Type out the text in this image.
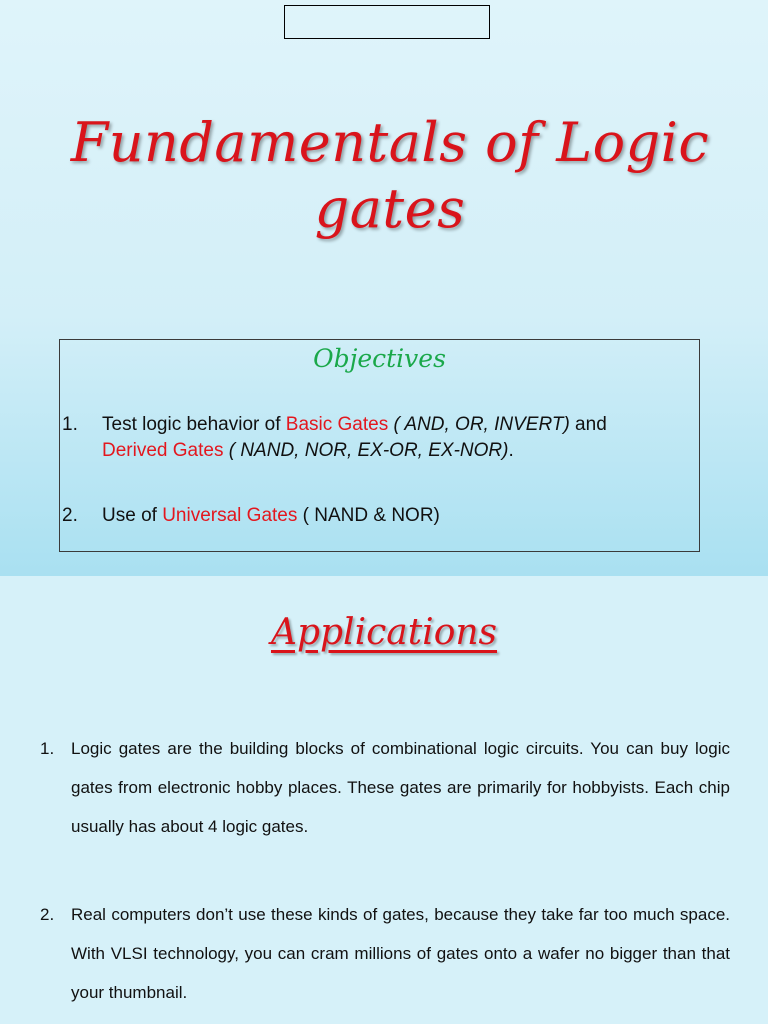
Fundamentals of Logic
gates
Objectives
1.	Test logic behavior of Basic Gates ( AND, OR, INVERT) and
Derived Gates ( NAND, NOR, EX-OR, EX-NOR).
2.	Use of Universal Gates ( NAND & NOR)
Applications
1. Logic gates are the building blocks of combinational logic circuits. You can buy logic gates from electronic hobby places. These gates are primarily for hobbyists. Each chip usually has about 4 logic gates.
2. Real computers don’t use these kinds of gates, because they take far too much space. With VLSI technology, you can cram millions of gates onto a wafer no bigger than that your thumbnail.
